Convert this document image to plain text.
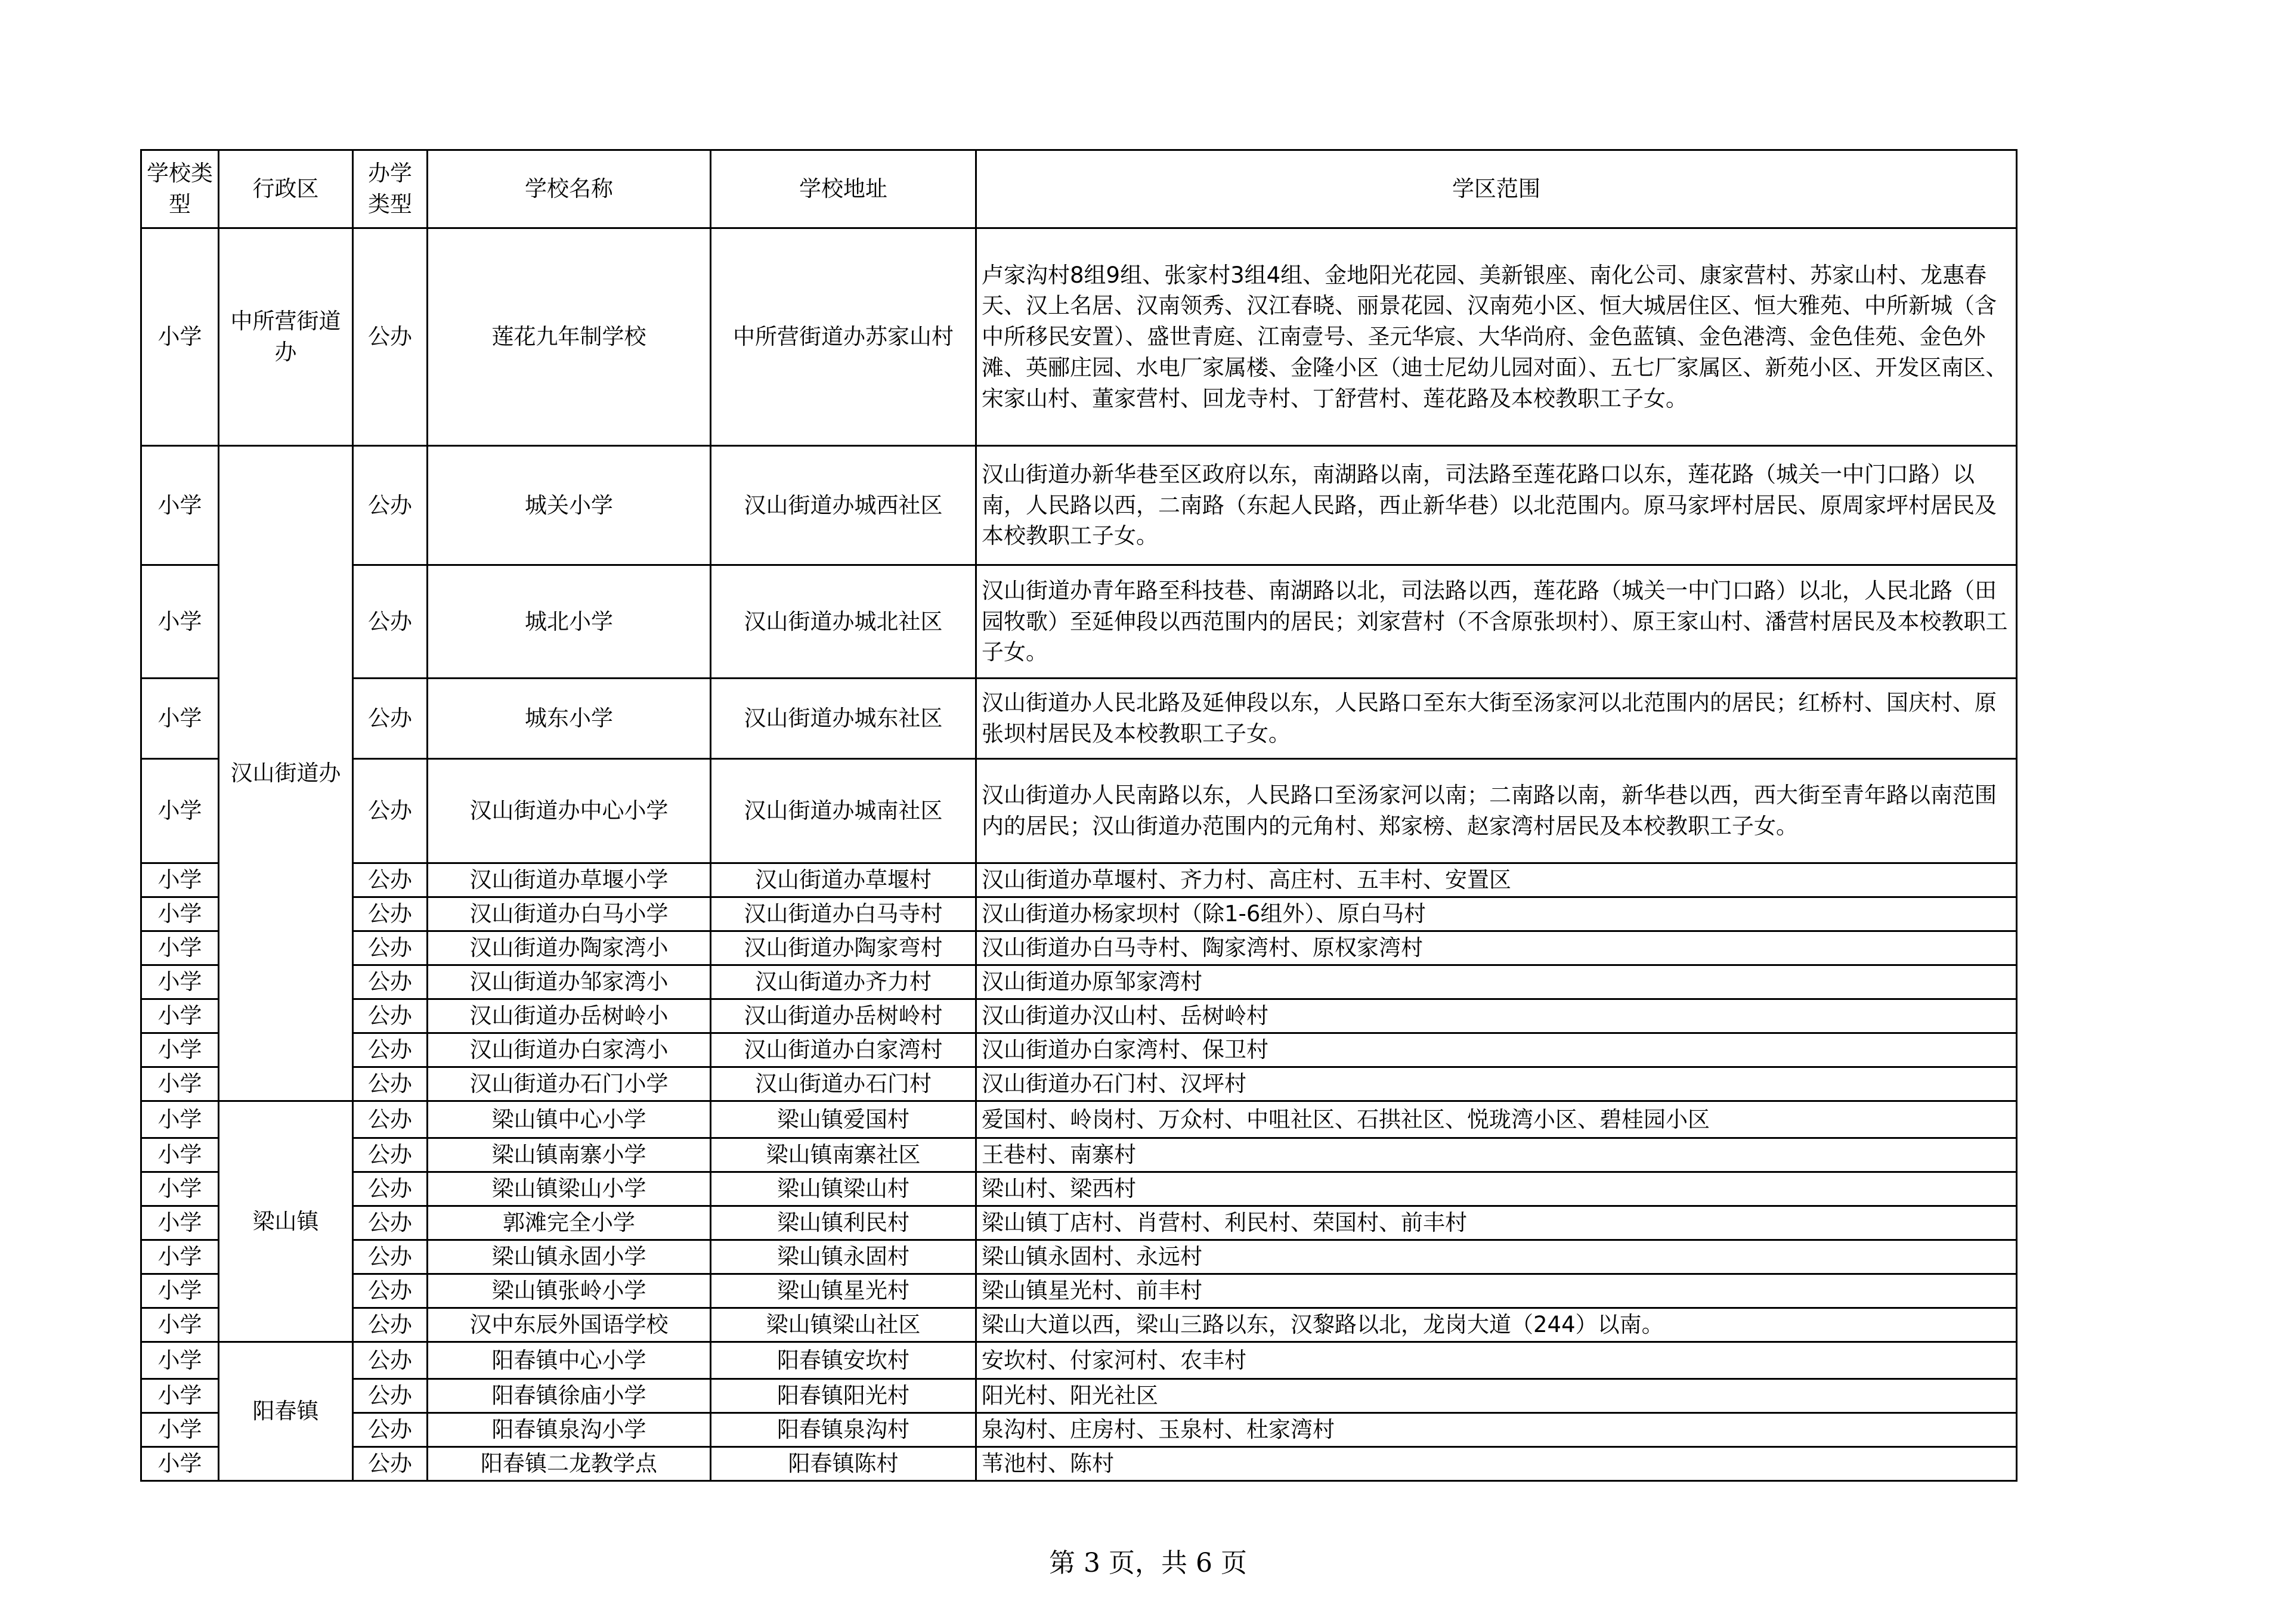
学校类型	行政区	办学类型	学校名称	学校地址	学区范围
小学	中所营街道办	公办	莲花九年制学校	中所营街道办苏家山村	卢家沟村8组9组、张家村3组4组、金地阳光花园、美新银座、南化公司、康家营村、苏家山村、龙惠春天、汉上名居、汉南领秀、汉江春晓、丽景花园、汉南苑小区、恒大城居住区、恒大雅苑、中所新城（含中所移民安置）、盛世青庭、江南壹号、圣元华宸、大华尚府、金色蓝镇、金色港湾、金色佳苑、金色外滩、英郦庄园、水电厂家属楼、金隆小区（迪士尼幼儿园对面）、五七厂家属区、新苑小区、开发区南区、宋家山村、董家营村、回龙寺村、丁舒营村、莲花路及本校教职工子女。
小学	汉山街道办	公办	城关小学	汉山街道办城西社区	汉山街道办新华巷至区政府以东，南湖路以南，司法路至莲花路口以东，莲花路（城关一中门口路）以南，人民路以西，二南路（东起人民路，西止新华巷）以北范围内。原马家坪村居民、原周家坪村居民及本校教职工子女。
小学		公办	城北小学	汉山街道办城北社区	汉山街道办青年路至科技巷、南湖路以北，司法路以西，莲花路（城关一中门口路）以北，人民北路（田园牧歌）至延伸段以西范围内的居民；刘家营村（不含原张坝村）、原王家山村、潘营村居民及本校教职工子女。
小学		公办	城东小学	汉山街道办城东社区	汉山街道办人民北路及延伸段以东，人民路口至东大街至汤家河以北范围内的居民；红桥村、国庆村、原张坝村居民及本校教职工子女。
小学		公办	汉山街道办中心小学	汉山街道办城南社区	汉山街道办人民南路以东，人民路口至汤家河以南；二南路以南，新华巷以西，西大街至青年路以南范围内的居民；汉山街道办范围内的元角村、郑家榜、赵家湾村居民及本校教职工子女。
小学		公办	汉山街道办草堰小学	汉山街道办草堰村	汉山街道办草堰村、齐力村、高庄村、五丰村、安置区
小学		公办	汉山街道办白马小学	汉山街道办白马寺村	汉山街道办杨家坝村（除1-6组外）、原白马村
小学		公办	汉山街道办陶家湾小	汉山街道办陶家弯村	汉山街道办白马寺村、陶家湾村、原权家湾村
小学		公办	汉山街道办邹家湾小	汉山街道办齐力村	汉山街道办原邹家湾村
小学		公办	汉山街道办岳树岭小	汉山街道办岳树岭村	汉山街道办汉山村、岳树岭村
小学		公办	汉山街道办白家湾小	汉山街道办白家湾村	汉山街道办白家湾村、保卫村
小学		公办	汉山街道办石门小学	汉山街道办石门村	汉山街道办石门村、汉坪村
小学	梁山镇	公办	梁山镇中心小学	梁山镇爱国村	爱国村、岭岗村、万众村、中咀社区、石拱社区、悦珑湾小区、碧桂园小区
小学		公办	梁山镇南寨小学	梁山镇南寨社区	王巷村、南寨村
小学		公办	梁山镇梁山小学	梁山镇梁山村	梁山村、梁西村
小学		公办	郭滩完全小学	梁山镇利民村	梁山镇丁店村、肖营村、利民村、荣国村、前丰村
小学		公办	梁山镇永固小学	梁山镇永固村	梁山镇永固村、永远村
小学		公办	梁山镇张岭小学	梁山镇星光村	梁山镇星光村、前丰村
小学		公办	汉中东辰外国语学校	梁山镇梁山社区	梁山大道以西，梁山三路以东，汉黎路以北，龙岗大道（244）以南。
小学	阳春镇	公办	阳春镇中心小学	阳春镇安坎村	安坎村、付家河村、农丰村
小学		公办	阳春镇徐庙小学	阳春镇阳光村	阳光村、阳光社区
小学		公办	阳春镇泉沟小学	阳春镇泉沟村	泉沟村、庄房村、玉泉村、杜家湾村
小学		公办	阳春镇二龙教学点	阳春镇陈村	苇池村、陈村
第 3 页，共 6 页
